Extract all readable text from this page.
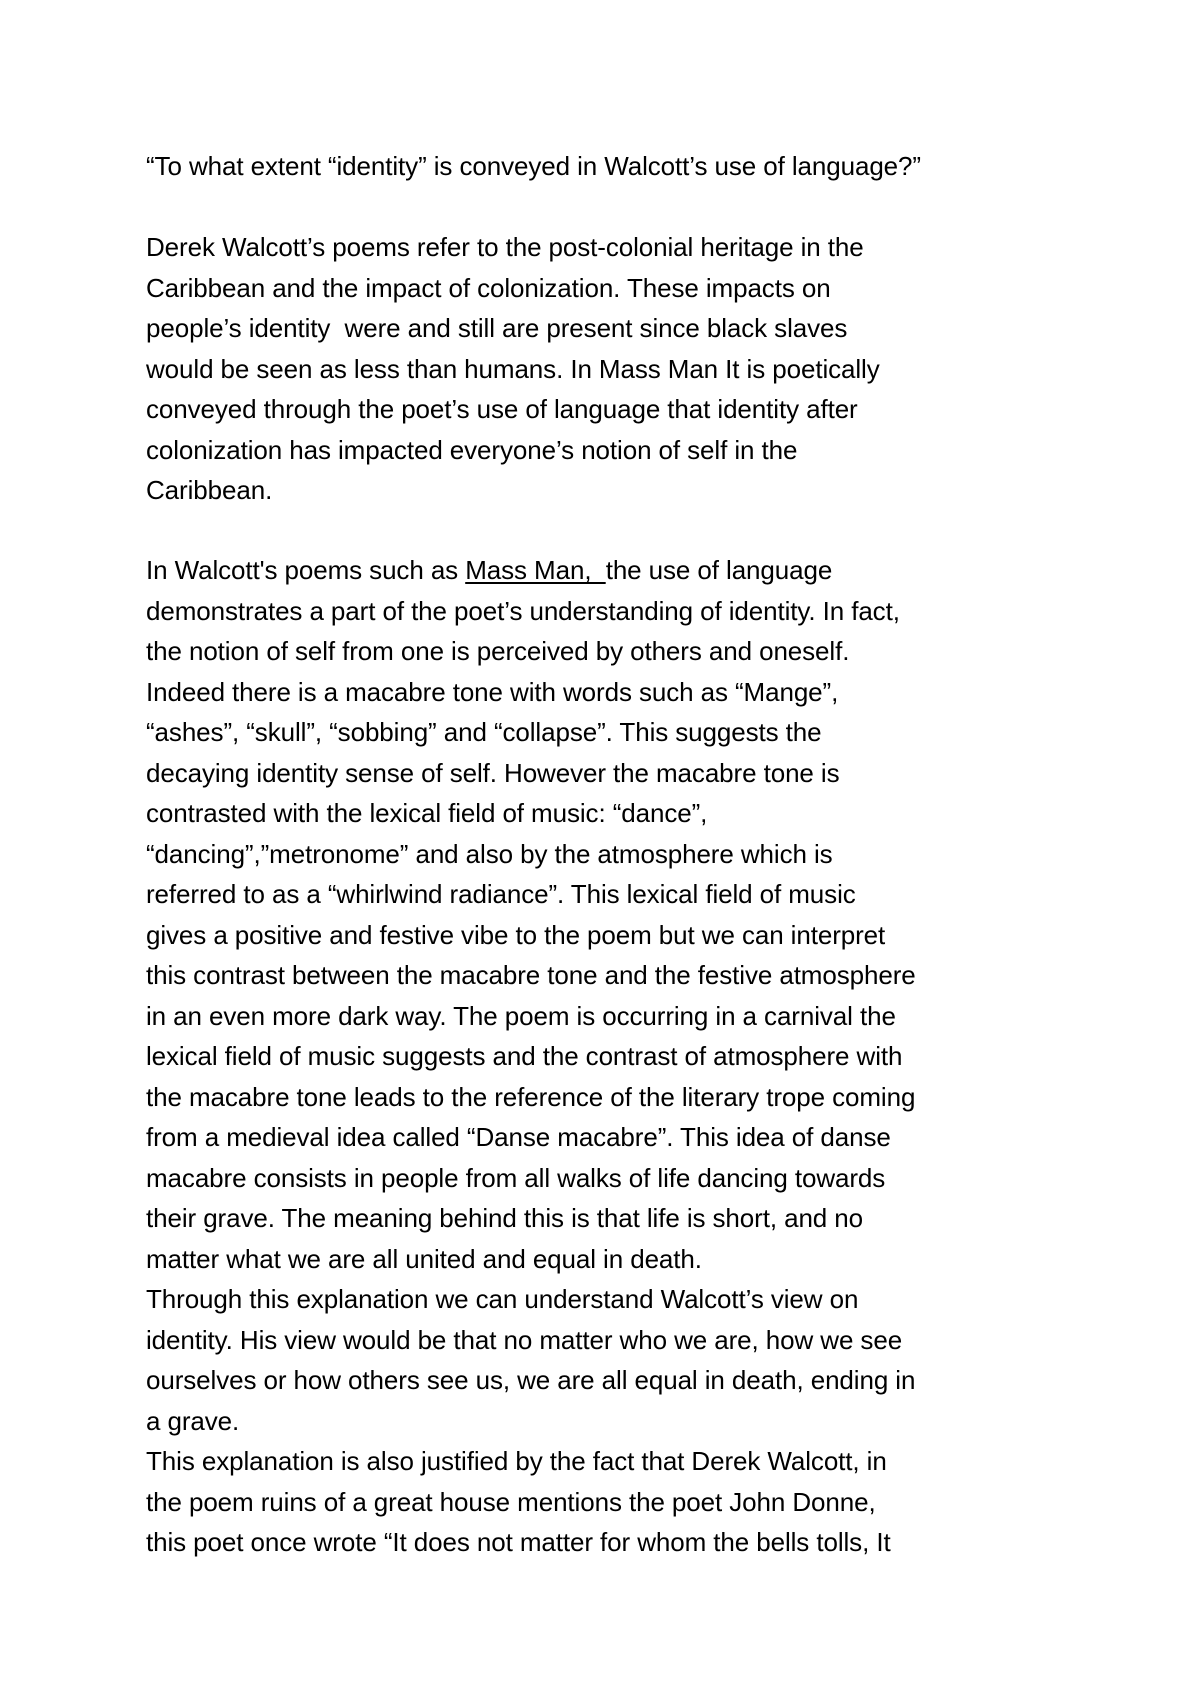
“To what extent “identity” is conveyed in Walcott’s use of language?”
Derek Walcott’s poems refer to the post-colonial heritage in the
Caribbean and the impact of colonization. These impacts on
people’s identity  were and still are present since black slaves
would be seen as less than humans. In Mass Man It is poetically
conveyed through the poet’s use of language that identity after
colonization has impacted everyone’s notion of self in the
Caribbean.
In Walcott's poems such as Mass Man,  the use of language
demonstrates a part of the poet’s understanding of identity. In fact,
the notion of self from one is perceived by others and oneself.
Indeed there is a macabre tone with words such as “Mange”,
“ashes”, “skull”, “sobbing” and “collapse”. This suggests the
decaying identity sense of self. However the macabre tone is
contrasted with the lexical field of music: “dance”,
“dancing”,”metronome” and also by the atmosphere which is
referred to as a “whirlwind radiance”. This lexical field of music
gives a positive and festive vibe to the poem but we can interpret
this contrast between the macabre tone and the festive atmosphere
in an even more dark way. The poem is occurring in a carnival the
lexical field of music suggests and the contrast of atmosphere with
the macabre tone leads to the reference of the literary trope coming
from a medieval idea called “Danse macabre”. This idea of danse
macabre consists in people from all walks of life dancing towards
their grave. The meaning behind this is that life is short, and no
matter what we are all united and equal in death.
Through this explanation we can understand Walcott’s view on
identity. His view would be that no matter who we are, how we see
ourselves or how others see us, we are all equal in death, ending in
a grave.
This explanation is also justified by the fact that Derek Walcott, in
the poem ruins of a great house mentions the poet John Donne,
this poet once wrote “It does not matter for whom the bells tolls, It
